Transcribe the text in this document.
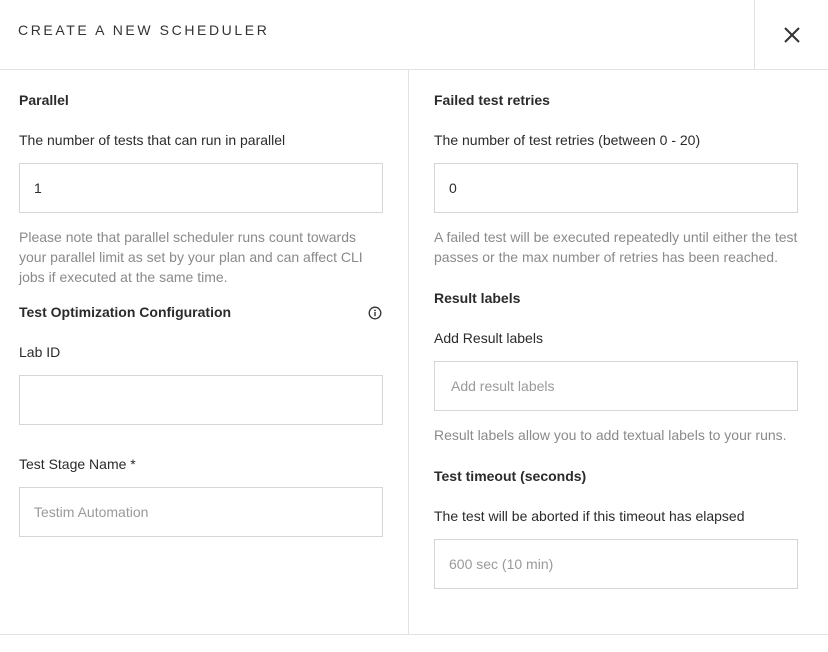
CREATE A NEW SCHEDULER
Parallel
The number of tests that can run in parallel
1
Please note that parallel scheduler runs count towards your parallel limit as set by your plan and can affect CLI jobs if executed at the same time.
Test Optimization Configuration
Lab ID
Test Stage Name *
Testim Automation
Failed test retries
The number of test retries (between 0 - 20)
0
A failed test will be executed repeatedly until either the test passes or the max number of retries has been reached.
Result labels
Add Result labels
Add result labels
Result labels allow you to add textual labels to your runs.
Test timeout (seconds)
The test will be aborted if this timeout has elapsed
600 sec (10 min)
